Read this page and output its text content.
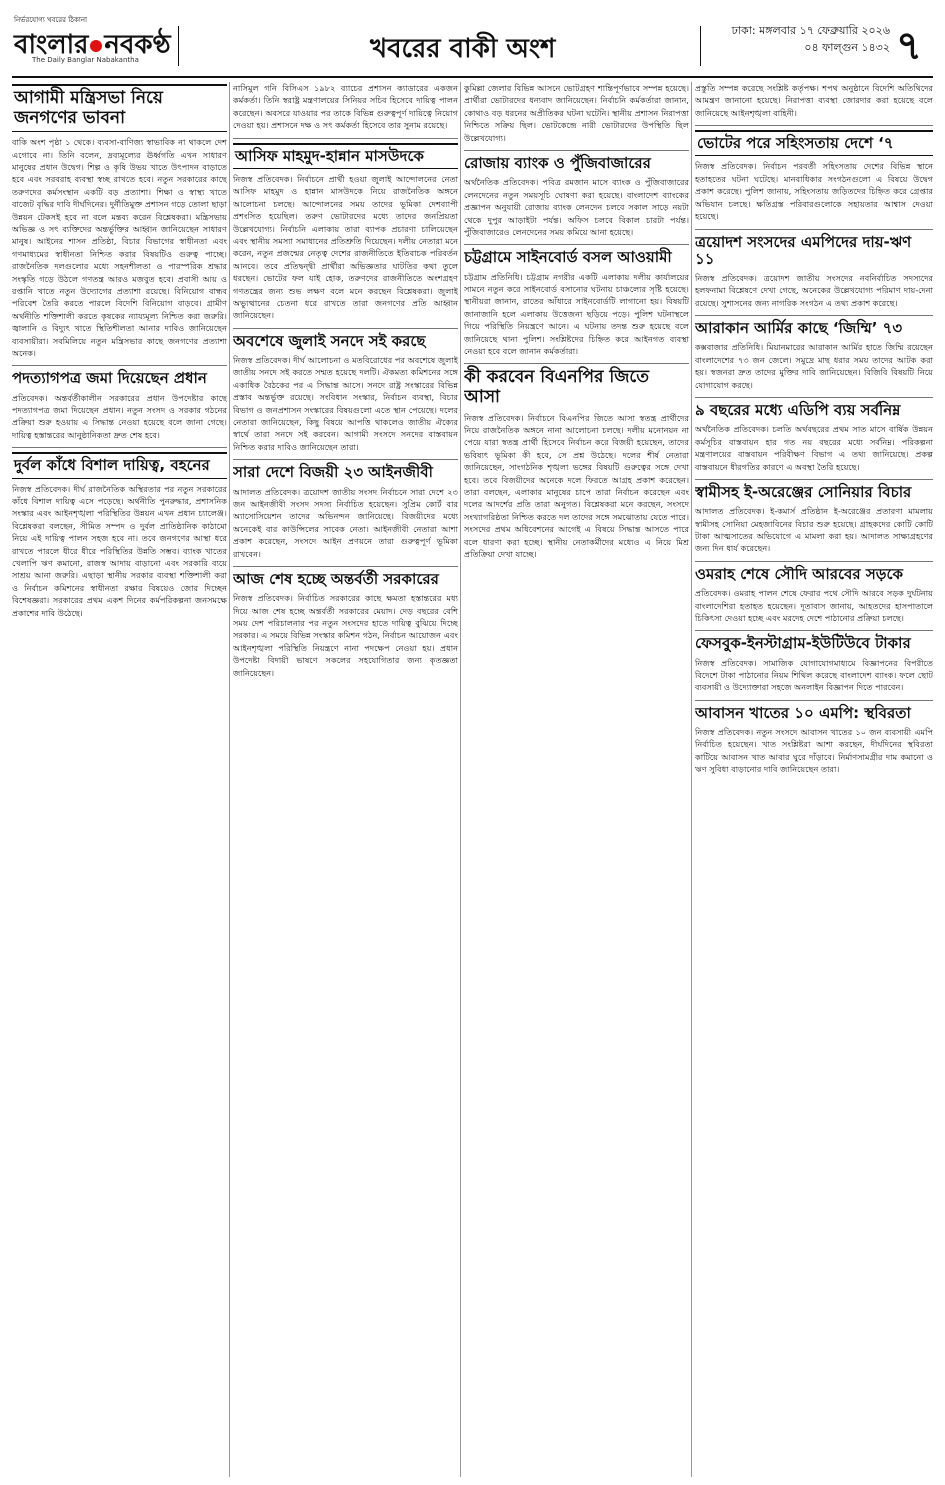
নির্ভরযোগ্য খবরের ঠিকানা
বাংলার নবকণ্ঠ
The Daily Banglar Nabakantha	খবরের বাকী অংশ
ঢাকা: মঙ্গলবার ১৭ ফেব্রুয়ারি ২০২৬
০৪ ফাল্গুন ১৪৩২ ৭
আগামী মন্ত্রিসভা নিয়ে জনগণের ভাবনা

বাকি অংশ পৃষ্ঠা ১ থেকে। ব্যবসা-বাণিজ্য স্বাভাবিক না থাকলে দেশ এগোবে না। তিনি বলেন, দ্রব্যমূল্যের ঊর্ধ্বগতি এখন সাধারণ মানুষের প্রধান উদ্বেগ। শিল্প ও কৃষি উভয় খাতে উৎপাদন বাড়াতে হবে এবং সরবরাহ ব্যবস্থা স্বচ্ছ রাখতে হবে। নতুন সরকারের কাছে তরুণদের কর্মসংস্থান একটি বড় প্রত্যাশা। শিক্ষা ও স্বাস্থ্য খাতে বাজেট বৃদ্ধির দাবি দীর্ঘদিনের। দুর্নীতিমুক্ত প্রশাসন গড়ে তোলা ছাড়া উন্নয়ন টেকসই হবে না বলে মন্তব্য করেন বিশ্লেষকরা। মন্ত্রিসভায় অভিজ্ঞ ও সৎ ব্যক্তিদের অন্তর্ভুক্তির আহ্বান জানিয়েছেন সাধারণ মানুষ। আইনের শাসন প্রতিষ্ঠা, বিচার বিভাগের স্বাধীনতা এবং গণমাধ্যমের স্বাধীনতা নিশ্চিত করার বিষয়টিও গুরুত্ব পাচ্ছে। রাজনৈতিক দলগুলোর মধ্যে সহনশীলতা ও পারস্পরিক শ্রদ্ধার সংস্কৃতি গড়ে উঠলে গণতন্ত্র আরও মজবুত হবে। প্রবাসী আয় ও রপ্তানি খাতে নতুন উদ্যোগের প্রত্যাশা রয়েছে। বিনিয়োগ বান্ধব পরিবেশ তৈরি করতে পারলে বিদেশি বিনিয়োগ বাড়বে। গ্রামীণ অর্থনীতি শক্তিশালী করতে কৃষকের ন্যায্যমূল্য নিশ্চিত করা জরুরি। জ্বালানি ও বিদ্যুৎ খাতে স্থিতিশীলতা আনার দাবিও জানিয়েছেন ব্যবসায়ীরা। সবমিলিয়ে নতুন মন্ত্রিসভার কাছে জনগণের প্রত্যাশা অনেক।

পদত্যাগপত্র জমা দিয়েছেন প্রধান

প্রতিবেদক। অন্তর্বর্তীকালীন সরকারের প্রধান উপদেষ্টার কাছে পদত্যাগপত্র জমা দিয়েছেন প্রধান। নতুন সংসদ ও সরকার গঠনের প্রক্রিয়া শুরু হওয়ায় এ সিদ্ধান্ত নেওয়া হয়েছে বলে জানা গেছে। দায়িত্ব হস্তান্তরের আনুষ্ঠানিকতা দ্রুত শেষ হবে।

দুর্বল কাঁধে বিশাল দায়িত্ব, বহনের

নিজস্ব প্রতিবেদক। দীর্ঘ রাজনৈতিক অস্থিরতার পর নতুন সরকারের কাঁধে বিশাল দায়িত্ব এসে পড়েছে। অর্থনীতি পুনরুদ্ধার, প্রশাসনিক সংস্কার এবং আইনশৃঙ্খলা পরিস্থিতির উন্নয়ন এখন প্রধান চ্যালেঞ্জ। বিশ্লেষকরা বলছেন, সীমিত সম্পদ ও দুর্বল প্রাতিষ্ঠানিক কাঠামো নিয়ে এই দায়িত্ব পালন সহজ হবে না। তবে জনগণের আস্থা ধরে রাখতে পারলে ধীরে ধীরে পরিস্থিতির উন্নতি সম্ভব। ব্যাংক খাতের খেলাপি ঋণ কমানো, রাজস্ব আদায় বাড়ানো এবং সরকারি ব্যয়ে সাশ্রয় আনা জরুরি। এছাড়া স্থানীয় সরকার ব্যবস্থা শক্তিশালী করা ও নির্বাচন কমিশনের স্বাধীনতা রক্ষার বিষয়েও জোর দিচ্ছেন বিশেষজ্ঞরা। সরকারের প্রথম একশ দিনের কর্মপরিকল্পনা জনসমক্ষে প্রকাশের দাবি উঠেছে।

নাসিমুল গনি বিসিএস ১৯৮২ ব্যাচের প্রশাসন ক্যাডারের একজন কর্মকর্তা। তিনি স্বরাষ্ট্র মন্ত্রণালয়ের সিনিয়র সচিব হিসেবে দায়িত্ব পালন করেছেন। অবসরে যাওয়ার পর তাকে বিভিন্ন গুরুত্বপূর্ণ দায়িত্বে নিয়োগ দেওয়া হয়। প্রশাসনে দক্ষ ও সৎ কর্মকর্তা হিসেবে তার সুনাম রয়েছে।

আসিফ মাহমুদ-হান্নান মাসউদকে

নিজস্ব প্রতিবেদক। নির্বাচনে প্রার্থী হওয়া জুলাই আন্দোলনের নেতা আসিফ মাহমুদ ও হান্নান মাসউদকে নিয়ে রাজনৈতিক অঙ্গনে আলোচনা চলছে। আন্দোলনের সময় তাদের ভূমিকা দেশব্যাপী প্রশংসিত হয়েছিল। তরুণ ভোটারদের মধ্যে তাদের জনপ্রিয়তা উল্লেখযোগ্য। নির্বাচনি এলাকায় তারা ব্যাপক প্রচারণা চালিয়েছেন এবং স্থানীয় সমস্যা সমাধানের প্রতিশ্রুতি দিয়েছেন। দলীয় নেতারা মনে করেন, নতুন প্রজন্মের নেতৃত্ব দেশের রাজনীতিতে ইতিবাচক পরিবর্তন আনবে। তবে প্রতিদ্বন্দ্বী প্রার্থীরা অভিজ্ঞতার ঘাটতির কথা তুলে ধরছেন। ভোটের ফল যাই হোক, তরুণদের রাজনীতিতে অংশগ্রহণ গণতন্ত্রের জন্য শুভ লক্ষণ বলে মনে করছেন বিশ্লেষকরা। জুলাই অভ্যুত্থানের চেতনা ধরে রাখতে তারা জনগণের প্রতি আহ্বান জানিয়েছেন।

অবশেষে জুলাই সনদে সই করছে

নিজস্ব প্রতিবেদক। দীর্ঘ আলোচনা ও মতবিরোধের পর অবশেষে জুলাই জাতীয় সনদে সই করতে সম্মত হয়েছে দলটি। ঐকমত্য কমিশনের সঙ্গে একাধিক বৈঠকের পর এ সিদ্ধান্ত আসে। সনদে রাষ্ট্র সংস্কারের বিভিন্ন প্রস্তাব অন্তর্ভুক্ত রয়েছে। সংবিধান সংস্কার, নির্বাচন ব্যবস্থা, বিচার বিভাগ ও জনপ্রশাসন সংস্কারের বিষয়গুলো এতে স্থান পেয়েছে। দলের নেতারা জানিয়েছেন, কিছু বিষয়ে আপত্তি থাকলেও জাতীয় ঐক্যের স্বার্থে তারা সনদে সই করবেন। আগামী সংসদে সনদের বাস্তবায়ন নিশ্চিত করার দাবিও জানিয়েছেন তারা।

সারা দেশে বিজয়ী ২৩ আইনজীবী

আদালত প্রতিবেদক। ত্রয়োদশ জাতীয় সংসদ নির্বাচনে সারা দেশে ২৩ জন আইনজীবী সংসদ সদস্য নির্বাচিত হয়েছেন। সুপ্রিম কোর্ট বার অ্যাসোসিয়েশন তাদের অভিনন্দন জানিয়েছে। বিজয়ীদের মধ্যে অনেকেই বার কাউন্সিলের সাবেক নেতা। আইনজীবী নেতারা আশা প্রকাশ করেছেন, সংসদে আইন প্রণয়নে তারা গুরুত্বপূর্ণ ভূমিকা রাখবেন।

আজ শেষ হচ্ছে অন্তর্বর্তী সরকারের

নিজস্ব প্রতিবেদক। নির্বাচিত সরকারের কাছে ক্ষমতা হস্তান্তরের মধ্য দিয়ে আজ শেষ হচ্ছে অন্তর্বর্তী সরকারের মেয়াদ। দেড় বছরের বেশি সময় দেশ পরিচালনার পর নতুন সংসদের হাতে দায়িত্ব বুঝিয়ে দিচ্ছে সরকার। এ সময়ে বিভিন্ন সংস্কার কমিশন গঠন, নির্বাচন আয়োজন এবং আইনশৃঙ্খলা পরিস্থিতি নিয়ন্ত্রণে নানা পদক্ষেপ নেওয়া হয়। প্রধান উপদেষ্টা বিদায়ী ভাষণে সকলের সহযোগিতার জন্য কৃতজ্ঞতা জানিয়েছেন।

কুমিল্লা জেলার বিভিন্ন আসনে ভোটগ্রহণ শান্তিপূর্ণভাবে সম্পন্ন হয়েছে। প্রার্থীরা ভোটারদের ধন্যবাদ জানিয়েছেন। নির্বাচনি কর্মকর্তারা জানান, কোথাও বড় ধরনের অপ্রীতিকর ঘটনা ঘটেনি। স্থানীয় প্রশাসন নিরাপত্তা নিশ্চিতে সক্রিয় ছিল। ভোটকেন্দ্রে নারী ভোটারদের উপস্থিতি ছিল উল্লেখযোগ্য।

রোজায় ব্যাংক ও পুঁজিবাজারের

অর্থনৈতিক প্রতিবেদক। পবিত্র রমজান মাসে ব্যাংক ও পুঁজিবাজারের লেনদেনের নতুন সময়সূচি ঘোষণা করা হয়েছে। বাংলাদেশ ব্যাংকের প্রজ্ঞাপন অনুযায়ী রোজায় ব্যাংক লেনদেন চলবে সকাল সাড়ে নয়টা থেকে দুপুর আড়াইটা পর্যন্ত। অফিস চলবে বিকাল চারটা পর্যন্ত। পুঁজিবাজারেও লেনদেনের সময় কমিয়ে আনা হয়েছে।

চট্টগ্রামে সাইনবোর্ড বসল আওয়ামী

চট্টগ্রাম প্রতিনিধি। চট্টগ্রাম নগরীর একটি এলাকায় দলীয় কার্যালয়ের সামনে নতুন করে সাইনবোর্ড বসানোর ঘটনায় চাঞ্চল্যের সৃষ্টি হয়েছে। স্থানীয়রা জানান, রাতের আঁধারে সাইনবোর্ডটি লাগানো হয়। বিষয়টি জানাজানি হলে এলাকায় উত্তেজনা ছড়িয়ে পড়ে। পুলিশ ঘটনাস্থলে গিয়ে পরিস্থিতি নিয়ন্ত্রণে আনে। এ ঘটনায় তদন্ত শুরু হয়েছে বলে জানিয়েছে থানা পুলিশ। সংশ্লিষ্টদের চিহ্নিত করে আইনগত ব্যবস্থা নেওয়া হবে বলে জানান কর্মকর্তারা।

কী করবেন বিএনপির জিতে আসা

নিজস্ব প্রতিবেদক। নির্বাচনে বিএনপির জিতে আসা স্বতন্ত্র প্রার্থীদের নিয়ে রাজনৈতিক অঙ্গনে নানা আলোচনা চলছে। দলীয় মনোনয়ন না পেয়ে যারা স্বতন্ত্র প্রার্থী হিসেবে নির্বাচন করে বিজয়ী হয়েছেন, তাদের ভবিষ্যৎ ভূমিকা কী হবে, সে প্রশ্ন উঠেছে। দলের শীর্ষ নেতারা জানিয়েছেন, সাংগঠনিক শৃঙ্খলা ভঙ্গের বিষয়টি গুরুত্বের সঙ্গে দেখা হবে। তবে বিজয়ীদের অনেকে দলে ফিরতে আগ্রহ প্রকাশ করেছেন। তারা বলছেন, এলাকার মানুষের চাপে তারা নির্বাচন করেছেন এবং দলের আদর্শের প্রতি তারা অনুগত। বিশ্লেষকরা মনে করছেন, সংসদে সংখ্যাগরিষ্ঠতা নিশ্চিত করতে দল তাদের সঙ্গে সমঝোতায় যেতে পারে। সংসদের প্রথম অধিবেশনের আগেই এ বিষয়ে সিদ্ধান্ত আসতে পারে বলে ধারণা করা হচ্ছে। স্থানীয় নেতাকর্মীদের মধ্যেও এ নিয়ে মিশ্র প্রতিক্রিয়া দেখা যাচ্ছে।

প্রস্তুতি সম্পন্ন করেছে সংশ্লিষ্ট কর্তৃপক্ষ। শপথ অনুষ্ঠানে বিদেশি অতিথিদের আমন্ত্রণ জানানো হয়েছে। নিরাপত্তা ব্যবস্থা জোরদার করা হয়েছে বলে জানিয়েছে আইনশৃঙ্খলা বাহিনী।

ভোটের পরে সহিংসতায় দেশে ‘৭

নিজস্ব প্রতিবেদক। নির্বাচন পরবর্তী সহিংসতায় দেশের বিভিন্ন স্থানে হতাহতের ঘটনা ঘটেছে। মানবাধিকার সংগঠনগুলো এ বিষয়ে উদ্বেগ প্রকাশ করেছে। পুলিশ জানায়, সহিংসতায় জড়িতদের চিহ্নিত করে গ্রেপ্তার অভিযান চলছে। ক্ষতিগ্রস্ত পরিবারগুলোকে সহায়তার আশ্বাস দেওয়া হয়েছে।

ত্রয়োদশ সংসদের এমপিদের দায়-ঋণ ১১

নিজস্ব প্রতিবেদক। ত্রয়োদশ জাতীয় সংসদের নবনির্বাচিত সদস্যদের হলফনামা বিশ্লেষণে দেখা গেছে, অনেকের উল্লেখযোগ্য পরিমাণ দায়-দেনা রয়েছে। সুশাসনের জন্য নাগরিক সংগঠন এ তথ্য প্রকাশ করেছে।

আরাকান আর্মির কাছে ‘জিম্মি’ ৭৩

কক্সবাজার প্রতিনিধি। মিয়ানমারের আরাকান আর্মির হাতে জিম্মি রয়েছেন বাংলাদেশের ৭৩ জন জেলে। সমুদ্রে মাছ ধরার সময় তাদের আটক করা হয়। স্বজনরা দ্রুত তাদের মুক্তির দাবি জানিয়েছেন। বিজিবি বিষয়টি নিয়ে যোগাযোগ করছে।

৯ বছরের মধ্যে এডিপি ব্যয় সর্বনিম্ন

অর্থনৈতিক প্রতিবেদক। চলতি অর্থবছরের প্রথম সাত মাসে বার্ষিক উন্নয়ন কর্মসূচির বাস্তবায়ন হার গত নয় বছরের মধ্যে সর্বনিম্ন। পরিকল্পনা মন্ত্রণালয়ের বাস্তবায়ন পরিবীক্ষণ বিভাগ এ তথ্য জানিয়েছে। প্রকল্প বাস্তবায়নে ধীরগতির কারণে এ অবস্থা তৈরি হয়েছে।

স্বামীসহ ই-অরেঞ্জের সোনিয়ার বিচার

আদালত প্রতিবেদক। ই-কমার্স প্রতিষ্ঠান ই-অরেঞ্জের প্রতারণা মামলায় স্বামীসহ সোনিয়া মেহজাবিনের বিচার শুরু হয়েছে। গ্রাহকদের কোটি কোটি টাকা আত্মসাতের অভিযোগে এ মামলা করা হয়। আদালত সাক্ষ্যগ্রহণের জন্য দিন ধার্য করেছেন।

ওমরাহ শেষে সৌদি আরবের সড়কে

প্রতিবেদক। ওমরাহ পালন শেষে ফেরার পথে সৌদি আরবে সড়ক দুর্ঘটনায় বাংলাদেশিরা হতাহত হয়েছেন। দূতাবাস জানায়, আহতদের হাসপাতালে চিকিৎসা দেওয়া হচ্ছে এবং মরদেহ দেশে পাঠানোর প্রক্রিয়া চলছে।

ফেসবুক-ইনস্টাগ্রাম-ইউটিউবে টাকার

নিজস্ব প্রতিবেদক। সামাজিক যোগাযোগমাধ্যমে বিজ্ঞাপনের বিপরীতে বিদেশে টাকা পাঠানোর নিয়ম শিথিল করেছে বাংলাদেশ ব্যাংক। ফলে ছোট ব্যবসায়ী ও উদ্যোক্তারা সহজে অনলাইন বিজ্ঞাপন দিতে পারবেন।

আবাসন খাতের ১০ এমপি: স্থবিরতা

নিজস্ব প্রতিবেদক। নতুন সংসদে আবাসন খাতের ১০ জন ব্যবসায়ী এমপি নির্বাচিত হয়েছেন। খাত সংশ্লিষ্টরা আশা করছেন, দীর্ঘদিনের স্থবিরতা কাটিয়ে আবাসন খাত আবার ঘুরে দাঁড়াবে। নির্মাণসামগ্রীর দাম কমানো ও ঋণ সুবিধা বাড়ানোর দাবি জানিয়েছেন তারা।
